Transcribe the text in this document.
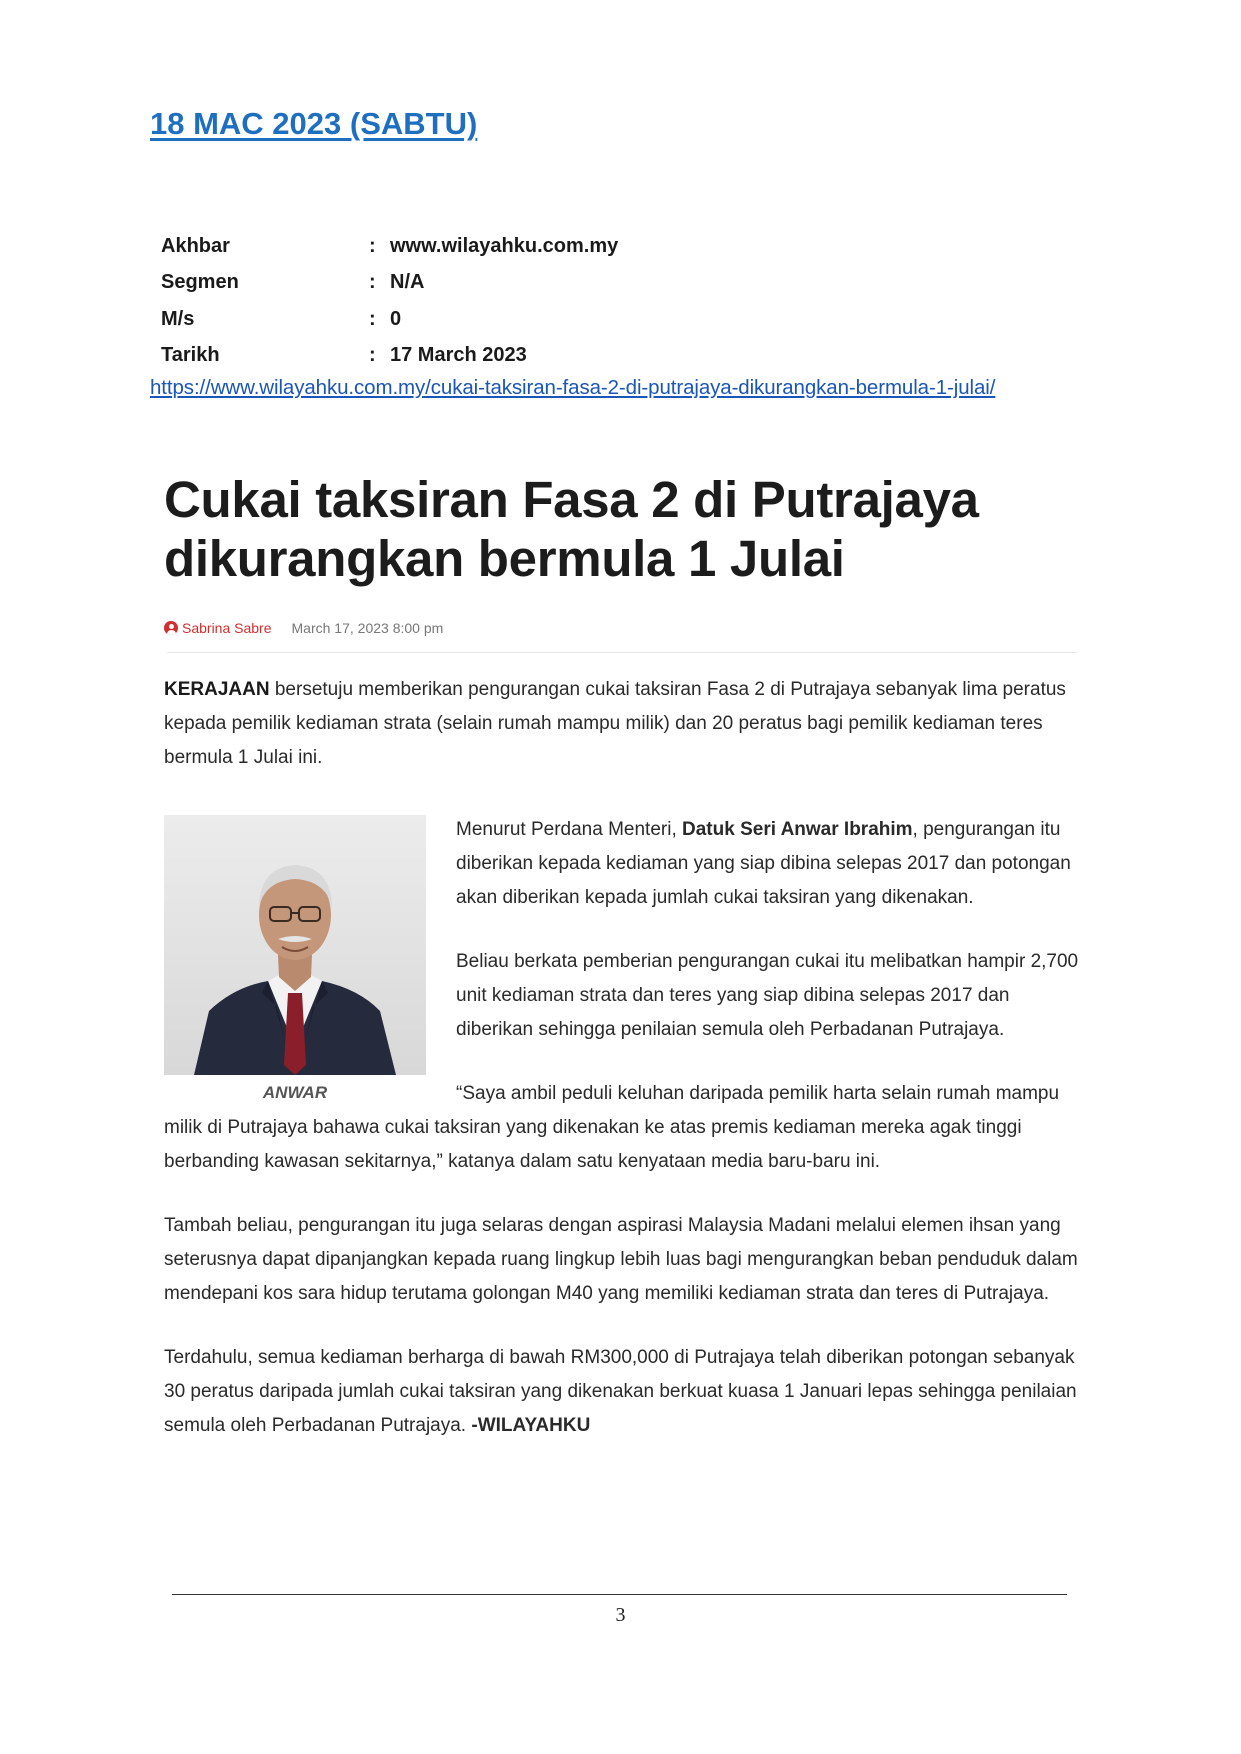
18 MAC 2023 (SABTU)
Akhbar	: www.wilayahku.com.my
Segmen	: N/A
M/s	: 0
Tarikh	: 17 March 2023
https://www.wilayahku.com.my/cukai-taksiran-fasa-2-di-putrajaya-dikurangkan-bermula-1-julai/
Cukai taksiran Fasa 2 di Putrajaya dikurangkan bermula 1 Julai
Sabrina Sabre March 17, 2023 8:00 pm

KERAJAAN bersetuju memberikan pengurangan cukai taksiran Fasa 2 di Putrajaya sebanyak lima peratus kepada pemilik kediaman strata (selain rumah mampu milik) dan 20 peratus bagi pemilik kediaman teres bermula 1 Julai ini.

ANWAR

Menurut Perdana Menteri, Datuk Seri Anwar Ibrahim, pengurangan itu diberikan kepada kediaman yang siap dibina selepas 2017 dan potongan akan diberikan kepada jumlah cukai taksiran yang dikenakan.

Beliau berkata pemberian pengurangan cukai itu melibatkan hampir 2,700 unit kediaman strata dan teres yang siap dibina selepas 2017 dan diberikan sehingga penilaian semula oleh Perbadanan Putrajaya.

“Saya ambil peduli keluhan daripada pemilik harta selain rumah mampu milik di Putrajaya bahawa cukai taksiran yang dikenakan ke atas premis kediaman mereka agak tinggi berbanding kawasan sekitarnya,” katanya dalam satu kenyataan media baru-baru ini.

Tambah beliau, pengurangan itu juga selaras dengan aspirasi Malaysia Madani melalui elemen ihsan yang seterusnya dapat dipanjangkan kepada ruang lingkup lebih luas bagi mengurangkan beban penduduk dalam mendepani kos sara hidup terutama golongan M40 yang memiliki kediaman strata dan teres di Putrajaya.

Terdahulu, semua kediaman berharga di bawah RM300,000 di Putrajaya telah diberikan potongan sebanyak 30 peratus daripada jumlah cukai taksiran yang dikenakan berkuat kuasa 1 Januari lepas sehingga penilaian semula oleh Perbadanan Putrajaya. -WILAYAHKU

3
